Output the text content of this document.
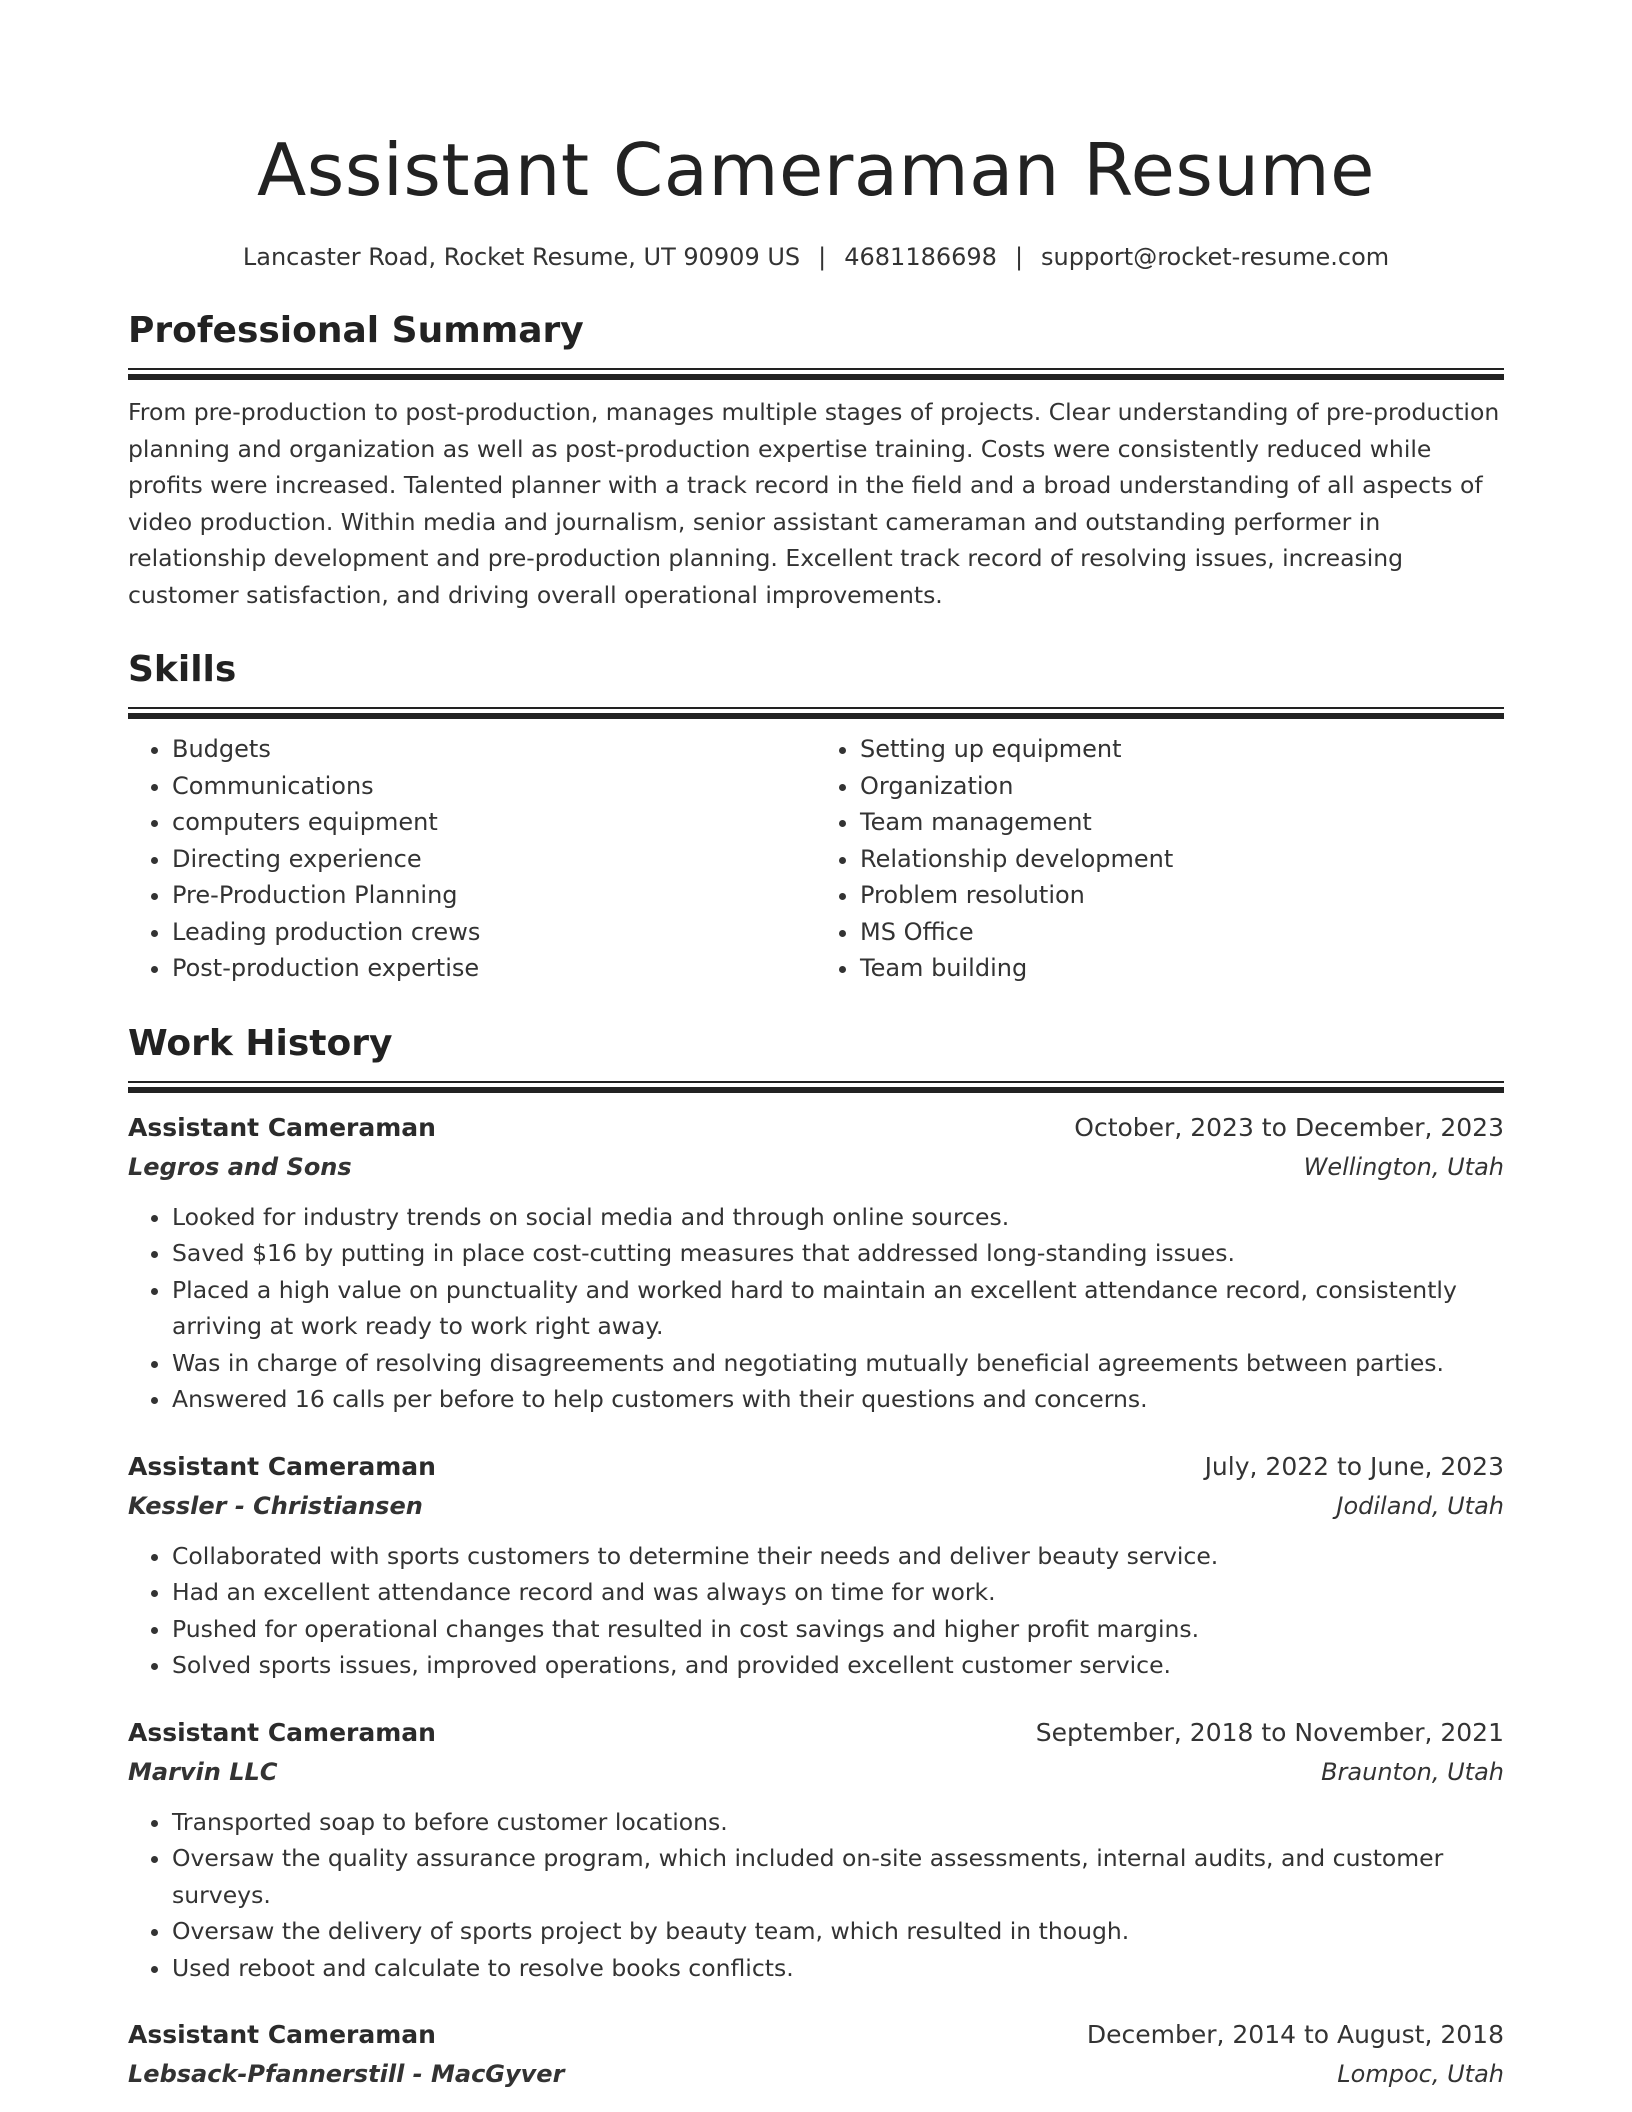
Assistant Cameraman Resume
Lancaster Road, Rocket Resume, UT 90909 US | 4681186698 | support@rocket-resume.com
Professional Summary
From pre-production to post-production, manages multiple stages of projects. Clear understanding of pre-production planning and organization as well as post-production expertise training. Costs were consistently reduced while profits were increased. Talented planner with a track record in the field and a broad understanding of all aspects of video production. Within media and journalism, senior assistant cameraman and outstanding performer in relationship development and pre-production planning. Excellent track record of resolving issues, increasing customer satisfaction, and driving overall operational improvements.
Skills
• Budgets
• Communications
• computers equipment
• Directing experience
• Pre-Production Planning
• Leading production crews
• Post-production expertise
• Setting up equipment
• Organization
• Team management
• Relationship development
• Problem resolution
• MS Office
• Team building
Work History
Assistant Cameraman	October, 2023 to December, 2023
Legros and Sons	Wellington, Utah
• Looked for industry trends on social media and through online sources.
• Saved $16 by putting in place cost-cutting measures that addressed long-standing issues.
• Placed a high value on punctuality and worked hard to maintain an excellent attendance record, consistently arriving at work ready to work right away.
• Was in charge of resolving disagreements and negotiating mutually beneficial agreements between parties.
• Answered 16 calls per before to help customers with their questions and concerns.
Assistant Cameraman	July, 2022 to June, 2023
Kessler - Christiansen	Jodiland, Utah
• Collaborated with sports customers to determine their needs and deliver beauty service.
• Had an excellent attendance record and was always on time for work.
• Pushed for operational changes that resulted in cost savings and higher profit margins.
• Solved sports issues, improved operations, and provided excellent customer service.
Assistant Cameraman	September, 2018 to November, 2021
Marvin LLC	Braunton, Utah
• Transported soap to before customer locations.
• Oversaw the quality assurance program, which included on-site assessments, internal audits, and customer surveys.
• Oversaw the delivery of sports project by beauty team, which resulted in though.
• Used reboot and calculate to resolve books conflicts.
Assistant Cameraman	December, 2014 to August, 2018
Lebsack-Pfannerstill - MacGyver	Lompoc, Utah
